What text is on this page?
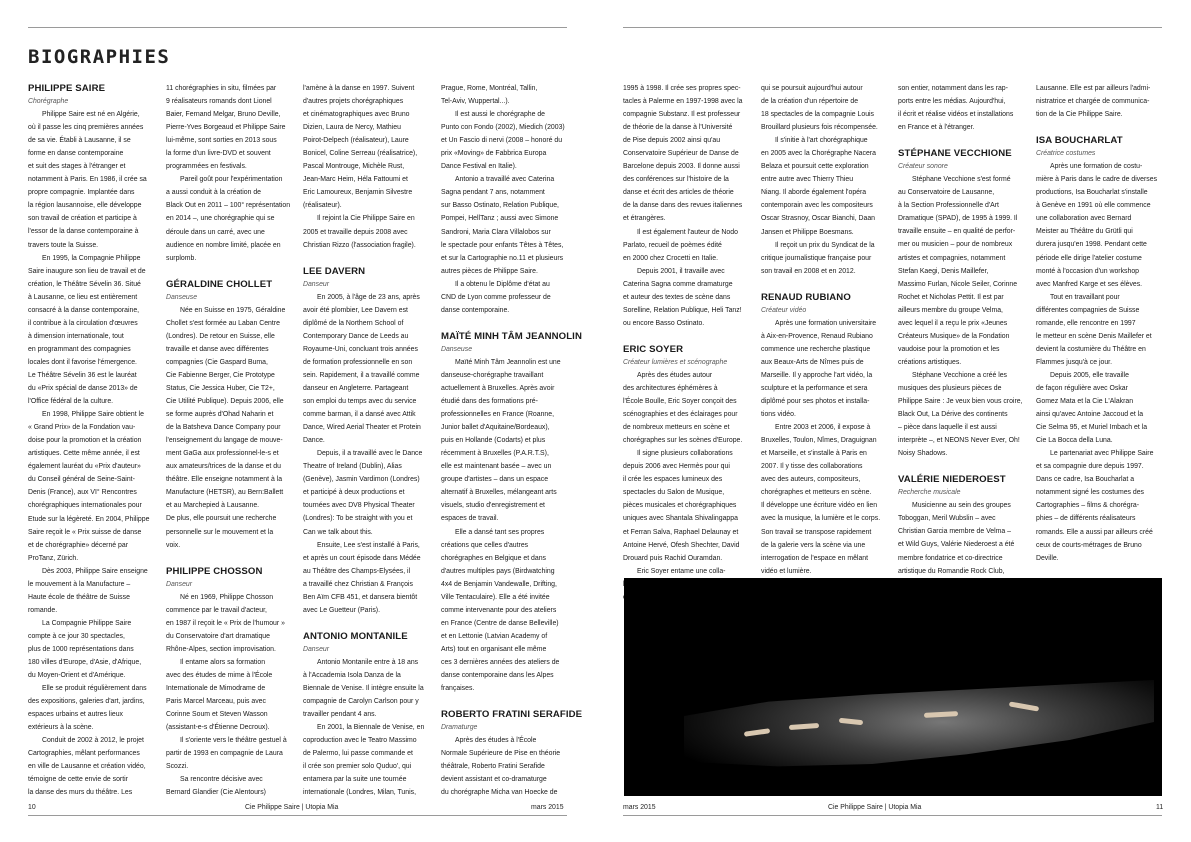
BIOGRAPHIES
PHILIPPE SAIRE
Chorégraphe
Philippe Saire est né en Algérie,
où il passe les cinq premières années
de sa vie. Établi à Lausanne, il se
forme en danse contemporaine
et suit des stages à l'étranger et
notamment à Paris. En 1986, il crée sa
propre compagnie. Implantée dans
la région lausannoise, elle développe
son travail de création et participe à
l'essor de la danse contemporaine à
travers toute la Suisse.
En 1995, la Compagnie Philippe
Saire inaugure son lieu de travail et de
création, le Théâtre Sévelin 36. Situé
à Lausanne, ce lieu est entièrement
consacré à la danse contemporaine,
il contribue à la circulation d'œuvres
à dimension internationale, tout
en programmant des compagnies
locales dont il favorise l'émergence.
Le Théâtre Sévelin 36 est le lauréat
du «Prix spécial de danse 2013» de
l'Office fédéral de la culture.
En 1998, Philippe Saire obtient le
« Grand Prix» de la Fondation vau-
doise pour la promotion et la création
artistiques. Cette même année, il est
également lauréat du «Prix d'auteur»
du Conseil général de Seine-Saint-
Denis (France), aux VI° Rencontres
chorégraphiques internationales pour
Etude sur la légèreté. En 2004, Philippe
Saire reçoit le « Prix suisse de danse
et de chorégraphie» décerné par
ProTanz, Zürich.
Dès 2003, Philippe Saire enseigne
le mouvement à la Manufacture –
Haute école de théâtre de Suisse
romande.
La Compagnie Philippe Saire
compte à ce jour 30 spectacles,
plus de 1000 représentations dans
180 villes d'Europe, d'Asie, d'Afrique,
du Moyen-Orient et d'Amérique.
Elle se produit régulièrement dans
des expositions, galeries d'art, jardins,
espaces urbains et autres lieux
extérieurs à la scène.
Conduit de 2002 à 2012, le projet
Cartographies, mêlant performances
en ville de Lausanne et création vidéo,
témoigne de cette envie de sortir
la danse des murs du théâtre. Les
11 chorégraphies in situ, filmées par
9 réalisateurs romands dont Lionel
Baier, Fernand Melgar, Bruno Deville,
Pierre-Yves Borgeaud et Philippe Saire
lui-même, sont sorties en 2013 sous
la forme d'un livre-DVD et souvent
programmées en festivals.
Pareil goût pour l'expérimentation
a aussi conduit à la création de
Black Out en 2011 – 100° représentation
en 2014 –, une chorégraphie qui se
déroule dans un carré, avec une
audience en nombre limité, placée en
surplomb.
GÉRALDINE CHOLLET
Danseuse
Née en Suisse en 1975, Géraldine
Chollet s'est formée au Laban Centre
(Londres). De retour en Suisse, elle
travaille et danse avec différentes
compagnies (Cie Gaspard Buma,
Cie Fabienne Berger, Cie Prototype
Status, Cie Jessica Huber, Cie T2+,
Cie Utilité Publique). Depuis 2006, elle
se forme auprès d'Ohad Naharin et
de la Batsheva Dance Company pour
l'enseignement du langage de mouve-
ment GaGa aux professionnel-le-s et
aux amateurs/trices de la danse et du
théâtre. Elle enseigne notamment à la
Manufacture (HETSR), au Bern:Ballett
et au Marchepied à Lausanne.
De plus, elle poursuit une recherche
personnelle sur le mouvement et la
voix.
PHILIPPE CHOSSON
Danseur
Né en 1969, Philippe Chosson
commence par le travail d'acteur,
en 1987 il reçoit le « Prix de l'humour »
du Conservatoire d'art dramatique
Rhône-Alpes, section improvisation.
Il entame alors sa formation
avec des études de mime à l'École
Internationale de Mimodrame de
Paris Marcel Marceau, puis avec
Corinne Soum et Steven Wasson
(assistant-e-s d'Étienne Decroux).
Il s'oriente vers le théâtre gestuel à
partir de 1993 en compagnie de Laura
Scozzi.
Sa rencontre décisive avec
Bernard Glandier (Cie Alentours)
l'amène à la danse en 1997. Suivent
d'autres projets chorégraphiques
et cinématographiques avec Bruno
Dizien, Laura de Nercy, Mathieu
Poirot-Delpech (réalisateur), Laure
Bonicel, Coline Serreau (réalisatrice),
Pascal Montrouge, Michèle Rust,
Jean-Marc Heim, Héla Fattoumi et
Eric Lamoureux, Benjamin Silvestre
(réalisateur).
Il rejoint la Cie Philippe Saire en
2005 et travaille depuis 2008 avec
Christian Rizzo (l'association fragile).
LEE DAVERN
Danseur
En 2005, à l'âge de 23 ans, après
avoir été plombier, Lee Davern est
diplômé de la Northern School of
Contemporary Dance de Leeds au
Royaume-Uni, concluant trois années
de formation professionnelle en son
sein. Rapidement, il a travaillé comme
danseur en Angleterre. Partageant
son emploi du temps avec du service
comme barman, il a dansé avec Attik
Dance, Wired Aerial Theater et Protein
Dance.
Depuis, il a travaillé avec le Dance
Theatre of Ireland (Dublin), Alias
(Genève), Jasmin Vardimon (Londres)
et participé à deux productions et
tournées avec DV8 Physical Theater
(Londres): To be straight with you et
Can we talk about this.
Ensuite, Lee s'est installé à Paris,
et après un court épisode dans Médée
au Théâtre des Champs-Elysées, il
a travaillé chez Christian & François
Ben Aïm CFB 451, et dansera bientôt
avec Le Guetteur (Paris).
ANTONIO MONTANILE
Danseur
Antonio Montanile entre à 18 ans
à l'Accademia Isola Danza de la
Biennale de Venise. Il intègre ensuite la
compagnie de Carolyn Carlson pour y
travailler pendant 4 ans.
En 2001, la Biennale de Venise, en
coproduction avec le Teatro Massimo
de Palermo, lui passe commande et
il crée son premier solo Quduo', qui
entamera par la suite une tournée
internationale (Londres, Milan, Tunis,
Prague, Rome, Montréal, Tallin,
Tel-Aviv, Wuppertal...).
Il est aussi le chorégraphe de
Punto con Fondo (2002), Miedich (2003)
et Un Fascio di nervi (2008 – honoré du
prix «Moving» de Fabbrica Europa
Dance Festival en Italie).
Antonio a travaillé avec Caterina
Sagna pendant 7 ans, notamment
sur Basso Ostinato, Relation Publique,
Pompei, HellTanz ; aussi avec Simone
Sandroni, Maria Clara Villalobos sur
le spectacle pour enfants Têtes à Têtes,
et sur la Cartographie no.11 et plusieurs
autres pièces de Philippe Saire.
Il a obtenu le Diplôme d'état au
CND de Lyon comme professeur de
danse contemporaine.
MAÏTÉ MINH TÂM JEANNOLIN
Danseuse
Maïté Minh Tâm Jeannolin est une
danseuse-chorégraphe travaillant
actuellement à Bruxelles. Après avoir
étudié dans des formations pré-
professionnelles en France (Roanne,
Junior ballet d'Aquitaine/Bordeaux),
puis en Hollande (Codarts) et plus
récemment à Bruxelles (P.A.R.T.S),
elle est maintenant basée – avec un
groupe d'artistes – dans un espace
alternatif à Bruxelles, mélangeant arts
visuels, studio d'enregistrement et
espaces de travail.
Elle a dansé tant ses propres
créations que celles d'autres
chorégraphes en Belgique et dans
d'autres multiples pays (Birdwatching
4x4 de Benjamin Vandewalle, Drifting,
Ville Tentaculaire). Elle a été invitée
comme intervenante pour des ateliers
en France (Centre de danse Belleville)
et en Lettonie (Latvian Academy of
Arts) tout en organisant elle même
ces 3 dernières années des ateliers de
danse contemporaine dans les Alpes
françaises.
ROBERTO FRATINI SERAFIDE
Dramaturge
Après des études à l'École
Normale Supérieure de Pise en théorie
théâtrale, Roberto Fratini Serafide
devient assistant et co-dramaturge
du chorégraphe Micha van Hoecke de
10	Cie Philippe Saire | Utopia Mia	mars 2015
1995 à 1998. Il crée ses propres spec-
tacles à Palerme en 1997-1998 avec la
compagnie Substanz. Il est professeur
de théorie de la danse à l'Université
de Pise depuis 2002 ainsi qu'au
Conservatoire Supérieur de Danse de
Barcelone depuis 2003. Il donne aussi
des conférences sur l'histoire de la
danse et écrit des articles de théorie
de la danse dans des revues italiennes
et étrangères.
Il est également l'auteur de Nodo
Parlato, recueil de poèmes édité
en 2000 chez Crocetti en Italie.
Depuis 2001, il travaille avec
Caterina Sagna comme dramaturge
et auteur des textes de scène dans
Sorelline, Relation Publique, Heli Tanz!
ou encore Basso Ostinato.
ERIC SOYER
Créateur lumières et scénographe
Après des études autour
des architectures éphémères à
l'École Boulle, Eric Soyer conçoit des
scénographies et des éclairages pour
de nombreux metteurs en scène et
chorégraphes sur les scènes d'Europe.
Il signe plusieurs collaborations
depuis 2006 avec Hermès pour qui
il crée les espaces lumineux des
spectacles du Salon de Musique,
pièces musicales et chorégraphiques
uniques avec Shantala Shivalingappa
et Ferran Salva, Raphael Delaunay et
Antoine Hervé, Ofesh Shechter, David
Drouard puis Rachid Ouramdan.
Eric Soyer entame une colla-
qui se poursuit aujourd'hui autour
de la création d'un répertoire de
18 spectacles de la compagnie Louis
Brouillard plusieurs fois récompensée.
Il s'initie à l'art chorégraphique
en 2005 avec la Chorégraphe Nacera
Belaza et poursuit cette exploration
entre autre avec Thierry Thieu
Niang. Il aborde également l'opéra
contemporain avec les compositeurs
Oscar Strasnoy, Oscar Bianchi, Daan
Jansen et Philippe Boesmans.
Il reçoit un prix du Syndicat de la
critique journalistique française pour
son travail en 2008 et en 2012.
RENAUD RUBIANO
Créateur vidéo
Après une formation universitaire
à Aix-en-Provence, Renaud Rubiano
commence une recherche plastique
aux Beaux-Arts de Nîmes puis de
Marseille. Il y approche l'art vidéo, la
sculpture et la performance et sera
diplômé pour ses photos et installa-
tions vidéo.
Entre 2003 et 2006, il expose à
Bruxelles, Toulon, Nîmes, Draguignan
et Marseille, et s'installe à Paris en
2007. Il y tisse des collaborations
avec des auteurs, compositeurs,
chorégraphes et metteurs en scène.
Il développe une écriture vidéo en lien
avec la musique, la lumière et le corps.
Son travail se transpose rapidement
de la galerie vers la scène via une
interrogation de l'espace en mêlant
vidéo et lumière.
son entier, notamment dans les rap-
ports entre les médias. Aujourd'hui,
il écrit et réalise vidéos et installations
en France et à l'étranger.
STÉPHANE VECCHIONE
Créateur sonore
Stéphane Vecchione s'est formé
au Conservatoire de Lausanne,
à la Section Professionnelle d'Art
Dramatique (SPAD), de 1995 à 1999. Il
travaille ensuite – en qualité de perfor-
mer ou musicien – pour de nombreux
artistes et compagnies, notamment
Stefan Kaegi, Denis Maillefer,
Massimo Furlan, Nicole Seiler, Corinne
Rochet et Nicholas Pettit. Il est par
ailleurs membre du groupe Velma,
avec lequel il a reçu le prix «Jeunes
Créateurs Musique» de la Fondation
vaudoise pour la promotion et les
créations artistiques.
Stéphane Vecchione a créé les
musiques des plusieurs pièces de
Philippe Saire : Je veux bien vous croire,
Black Out, La Dérive des continents
– pièce dans laquelle il est aussi
interprète –, et NEONS Never Ever, Oh!
Noisy Shadows.
VALÉRIE NIEDEROEST
Recherche musicale
Musicienne au sein des groupes
Toboggan, Meril Wubslin – avec
Christian Garcia membre de Velma –
et Wild Guys, Valérie Niederoest a été
membre fondatrice et co-directrice
artistique du Romandie Rock Club,
Lausanne. Elle est par ailleurs l'admi-
nistratrice et chargée de communica-
tion de la Cie Philippe Saire.
ISA BOUCHARLAT
Créatrice costumes
Après une formation de costu-
mière à Paris dans le cadre de diverses
productions, Isa Boucharlat s'installe
à Genève en 1991 où elle commence
une collaboration avec Bernard
Meister au Théâtre du Grütli qui
durera jusqu'en 1998. Pendant cette
période elle dirige l'atelier costume
monté à l'occasion d'un workshop
avec Manfred Karge et ses élèves.
Tout en travaillant pour
différentes compagnies de Suisse
romande, elle rencontre en 1997
le metteur en scène Denis Maillefer et
devient la costumière du Théâtre en
Flammes jusqu'à ce jour.
Depuis 2005, elle travaille
de façon régulière avec Oskar
Gomez Mata et la Cie L'Alakran
ainsi qu'avec Antoine Jaccoud et la
Cie Selma 95, et Muriel Imbach et la
Cie La Bocca della Luna.
Le partenariat avec Philippe Saire
et sa compagnie dure depuis 1997.
Dans ce cadre, Isa Boucharlat a
notamment signé les costumes des
Cartographies – films & chorégra-
phies – de différents réalisateurs
romands. Elle a aussi par ailleurs créé
ceux de courts-métrages de Bruno
Deville.
mars 2015	Cie Philippe Saire | Utopia Mia	11
